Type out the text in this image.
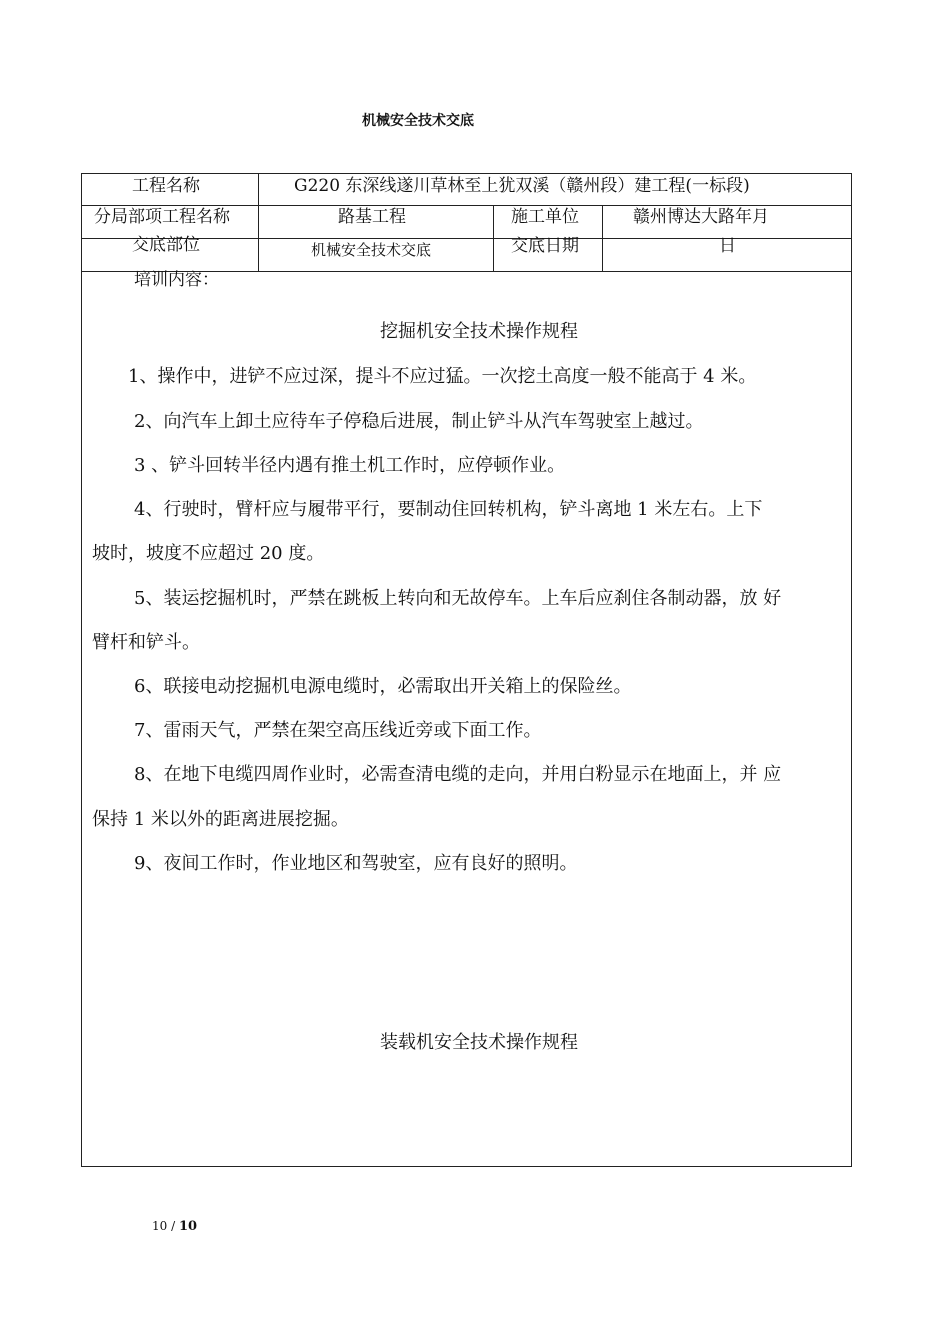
机械安全技术交底
工程名称	G220 东深线遂川草林至上犹双溪（赣州段）建工程(一标段)
分局部项工程名称	路基工程	施工单位	赣州博达大路年月
交底部位	机械安全技术交底	交底日期	日
培训内容：
挖掘机安全技术操作规程
1、操作中，进铲不应过深，提斗不应过猛。一次挖土高度一般不能高于 4 米。
2、向汽车上卸土应待车子停稳后进展，制止铲斗从汽车驾驶室上越过。
3 、铲斗回转半径内遇有推土机工作时，应停顿作业。
4、行驶时，臂杆应与履带平行，要制动住回转机构，铲斗离地 1 米左右。上下
坡时，坡度不应超过 20 度。
5、装运挖掘机时，严禁在跳板上转向和无故停车。上车后应刹住各制动器，放 好
臂杆和铲斗。
6、联接电动挖掘机电源电缆时，必需取出开关箱上的保险丝。
7、雷雨天气，严禁在架空高压线近旁或下面工作。
8、在地下电缆四周作业时，必需查清电缆的走向，并用白粉显示在地面上，并 应
保持 1 米以外的距离进展挖掘。
9、夜间工作时，作业地区和驾驶室，应有良好的照明。
装载机安全技术操作规程
10 / 10
